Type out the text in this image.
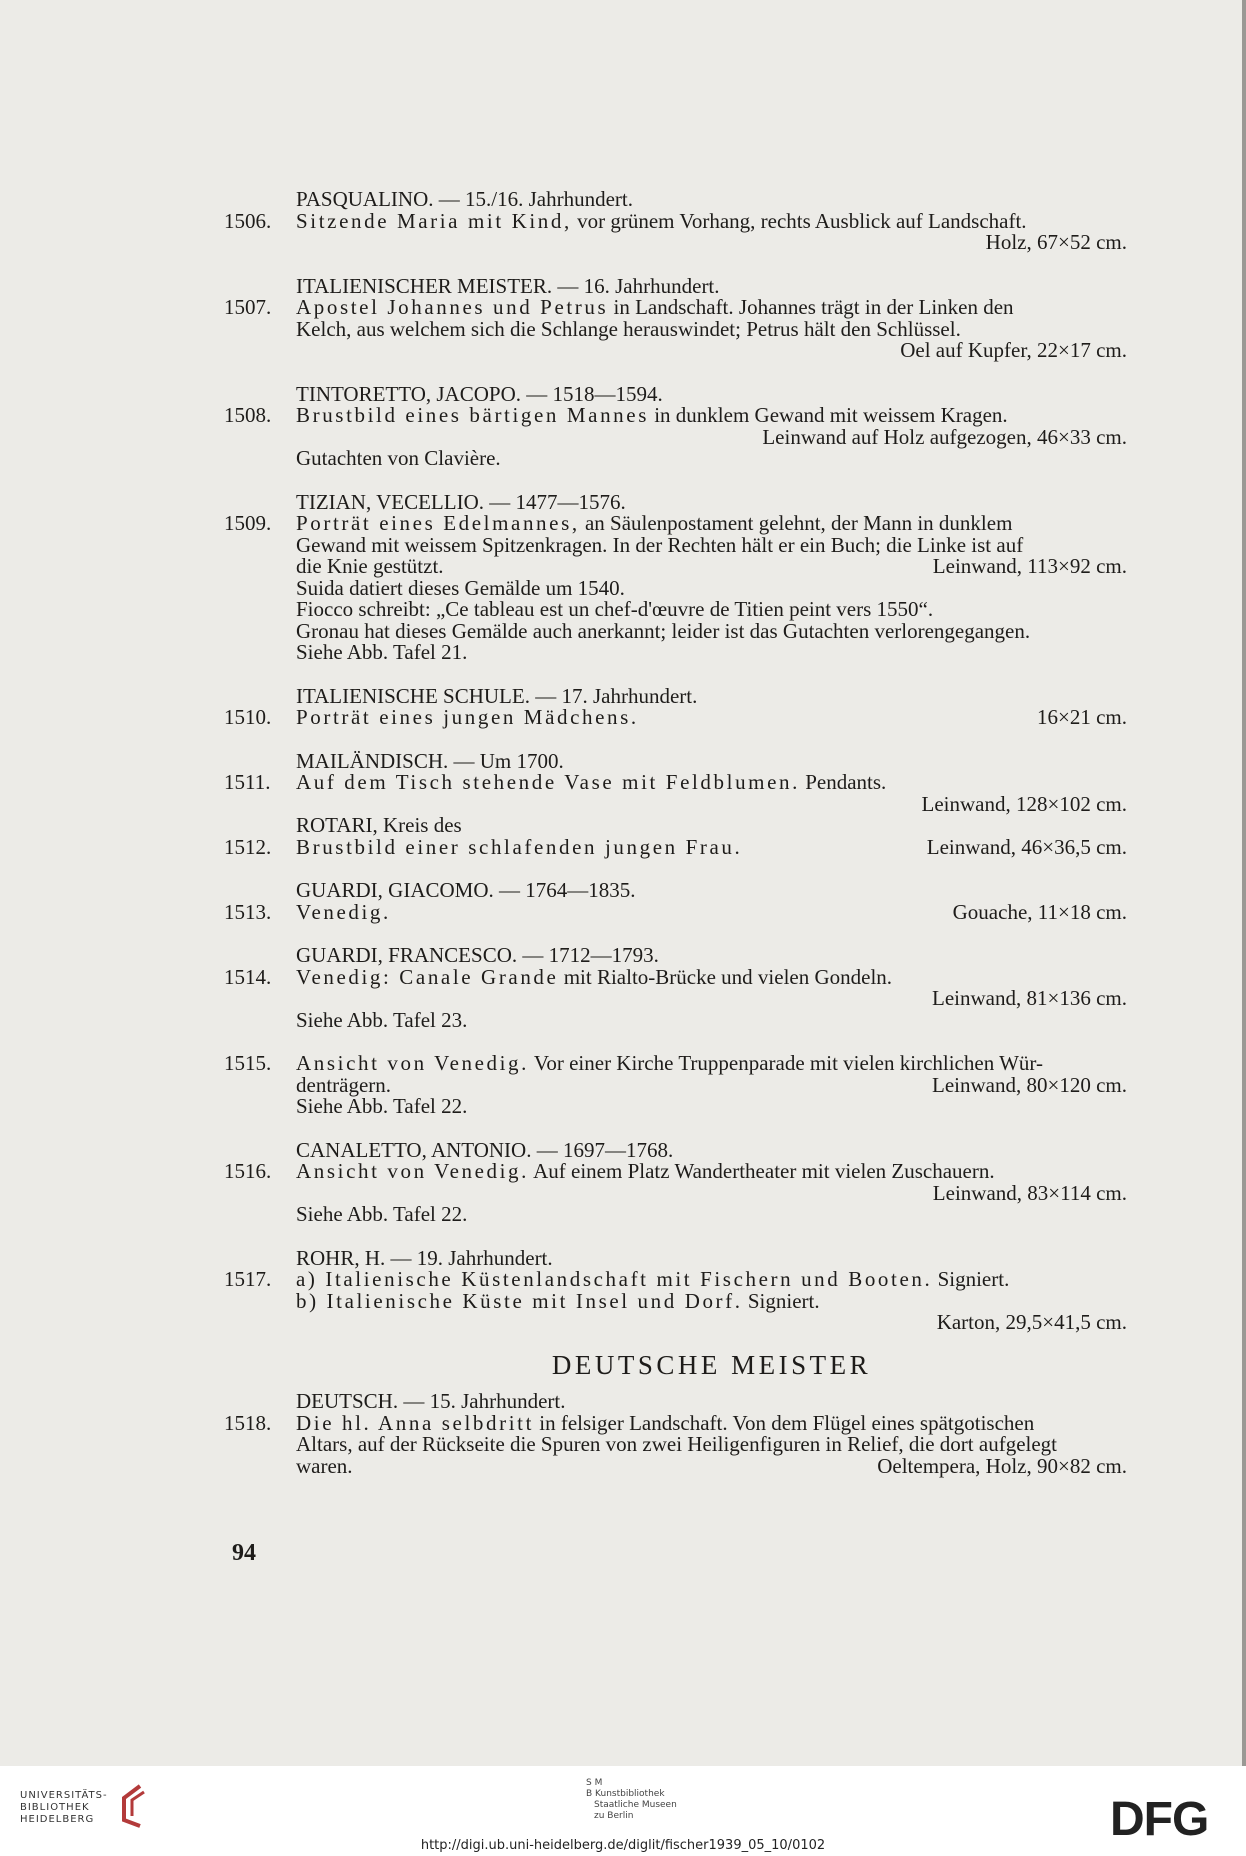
PASQUALINO. — 15./16. Jahrhundert.
1506.	Sitzende Maria mit Kind, vor grünem Vorhang, rechts Ausblick auf Landschaft.
Holz, 67×52 cm.
ITALIENISCHER MEISTER. — 16. Jahrhundert.
1507.	Apostel Johannes und Petrus in Landschaft. Johannes trägt in der Linken den
Kelch, aus welchem sich die Schlange herauswindet; Petrus hält den Schlüssel.
Oel auf Kupfer, 22×17 cm.
TINTORETTO, JACOPO. — 1518—1594.
1508.	Brustbild eines bärtigen Mannes in dunklem Gewand mit weissem Kragen.
Leinwand auf Holz aufgezogen, 46×33 cm.
Gutachten von Clavière.
TIZIAN, VECELLIO. — 1477—1576.
1509.	Porträt eines Edelmannes, an Säulenpostament gelehnt, der Mann in dunklem
Gewand mit weissem Spitzenkragen. In der Rechten hält er ein Buch; die Linke ist auf
die Knie gestützt.	Leinwand, 113×92 cm.
Suida datiert dieses Gemälde um 1540.
Fiocco schreibt: „Ce tableau est un chef-d'œuvre de Titien peint vers 1550“.
Gronau hat dieses Gemälde auch anerkannt; leider ist das Gutachten verlorengegangen.
Siehe Abb. Tafel 21.
ITALIENISCHE SCHULE. — 17. Jahrhundert.
1510.	Porträt eines jungen Mädchens.	16×21 cm.
MAILÄNDISCH. — Um 1700.
1511.	Auf dem Tisch stehende Vase mit Feldblumen. Pendants.
Leinwand, 128×102 cm.
ROTARI, Kreis des
1512.	Brustbild einer schlafenden jungen Frau.	Leinwand, 46×36,5 cm.
GUARDI, GIACOMO. — 1764—1835.
1513.	Venedig.	Gouache, 11×18 cm.
GUARDI, FRANCESCO. — 1712—1793.
1514.	Venedig: Canale Grande mit Rialto-Brücke und vielen Gondeln.
Leinwand, 81×136 cm.
Siehe Abb. Tafel 23.
1515.	Ansicht von Venedig. Vor einer Kirche Truppenparade mit vielen kirchlichen Wür-
denträgern.	Leinwand, 80×120 cm.
Siehe Abb. Tafel 22.
CANALETTO, ANTONIO. — 1697—1768.
1516.	Ansicht von Venedig. Auf einem Platz Wandertheater mit vielen Zuschauern.
Leinwand, 83×114 cm.
Siehe Abb. Tafel 22.
ROHR, H. — 19. Jahrhundert.
1517.	a) Italienische Küstenlandschaft mit Fischern und Booten. Signiert.
b) Italienische Küste mit Insel und Dorf. Signiert.
Karton, 29,5×41,5 cm.
DEUTSCHE MEISTER
DEUTSCH. — 15. Jahrhundert.
1518.	Die hl. Anna selbdritt in felsiger Landschaft. Von dem Flügel eines spätgotischen
Altars, auf der Rückseite die Spuren von zwei Heiligenfiguren in Relief, die dort aufgelegt
waren.	Oeltempera, Holz, 90×82 cm.
94
UNIVERSITÄTS-
BIBLIOTHEK
HEIDELBERG
S M
B Kunstbibliothek
Staatliche Museen
zu Berlin	DFG
http://digi.ub.uni-heidelberg.de/diglit/fischer1939_05_10/0102
